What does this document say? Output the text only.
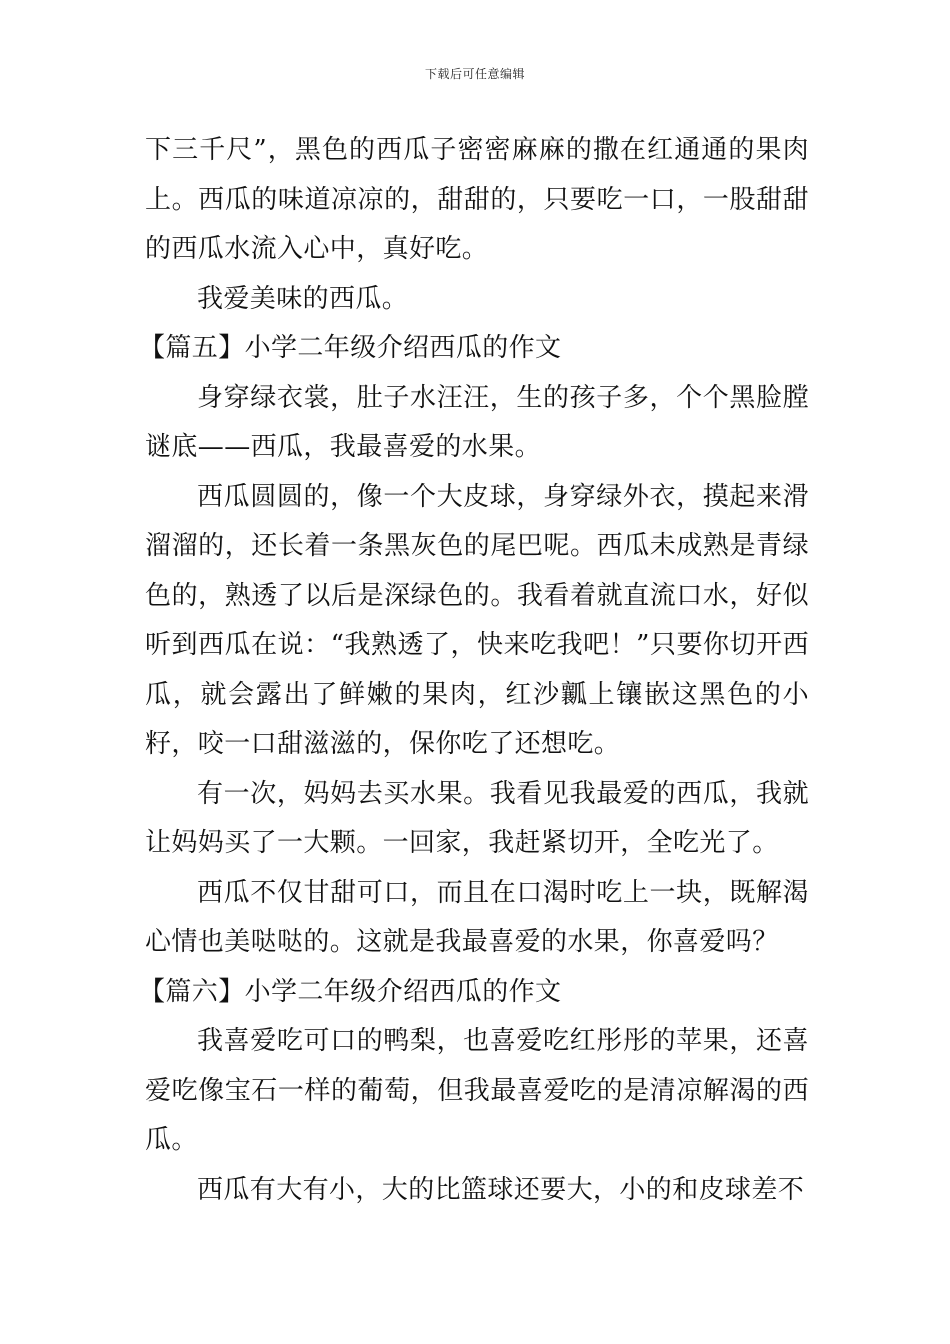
下载后可任意编辑

下三千尺”，黑色的西瓜子密密麻麻的撒在红通通的果肉上。西瓜的味道凉凉的，甜甜的，只要吃一口，一股甜甜的西瓜水流入心中，真好吃。

我爱美味的西瓜。

【篇五】小学二年级介绍西瓜的作文

身穿绿衣裳，肚子水汪汪，生的孩子多，个个黑脸膛谜底——西瓜，我最喜爱的水果。

西瓜圆圆的，像一个大皮球，身穿绿外衣，摸起来滑溜溜的，还长着一条黑灰色的尾巴呢。西瓜未成熟是青绿色的，熟透了以后是深绿色的。我看着就直流口水，好似听到西瓜在说：“我熟透了，快来吃我吧！”只要你切开西瓜，就会露出了鲜嫩的果肉，红沙瓤上镶嵌这黑色的小籽，咬一口甜滋滋的，保你吃了还想吃。

有一次，妈妈去买水果。我看见我最爱的西瓜，我就让妈妈买了一大颗。一回家，我赶紧切开，全吃光了。

西瓜不仅甘甜可口，而且在口渴时吃上一块，既解渴心情也美哒哒的。这就是我最喜爱的水果，你喜爱吗？

【篇六】小学二年级介绍西瓜的作文

我喜爱吃可口的鸭梨，也喜爱吃红彤彤的苹果，还喜爱吃像宝石一样的葡萄，但我最喜爱吃的是清凉解渴的西瓜。

西瓜有大有小，大的比篮球还要大，小的和皮球差不
